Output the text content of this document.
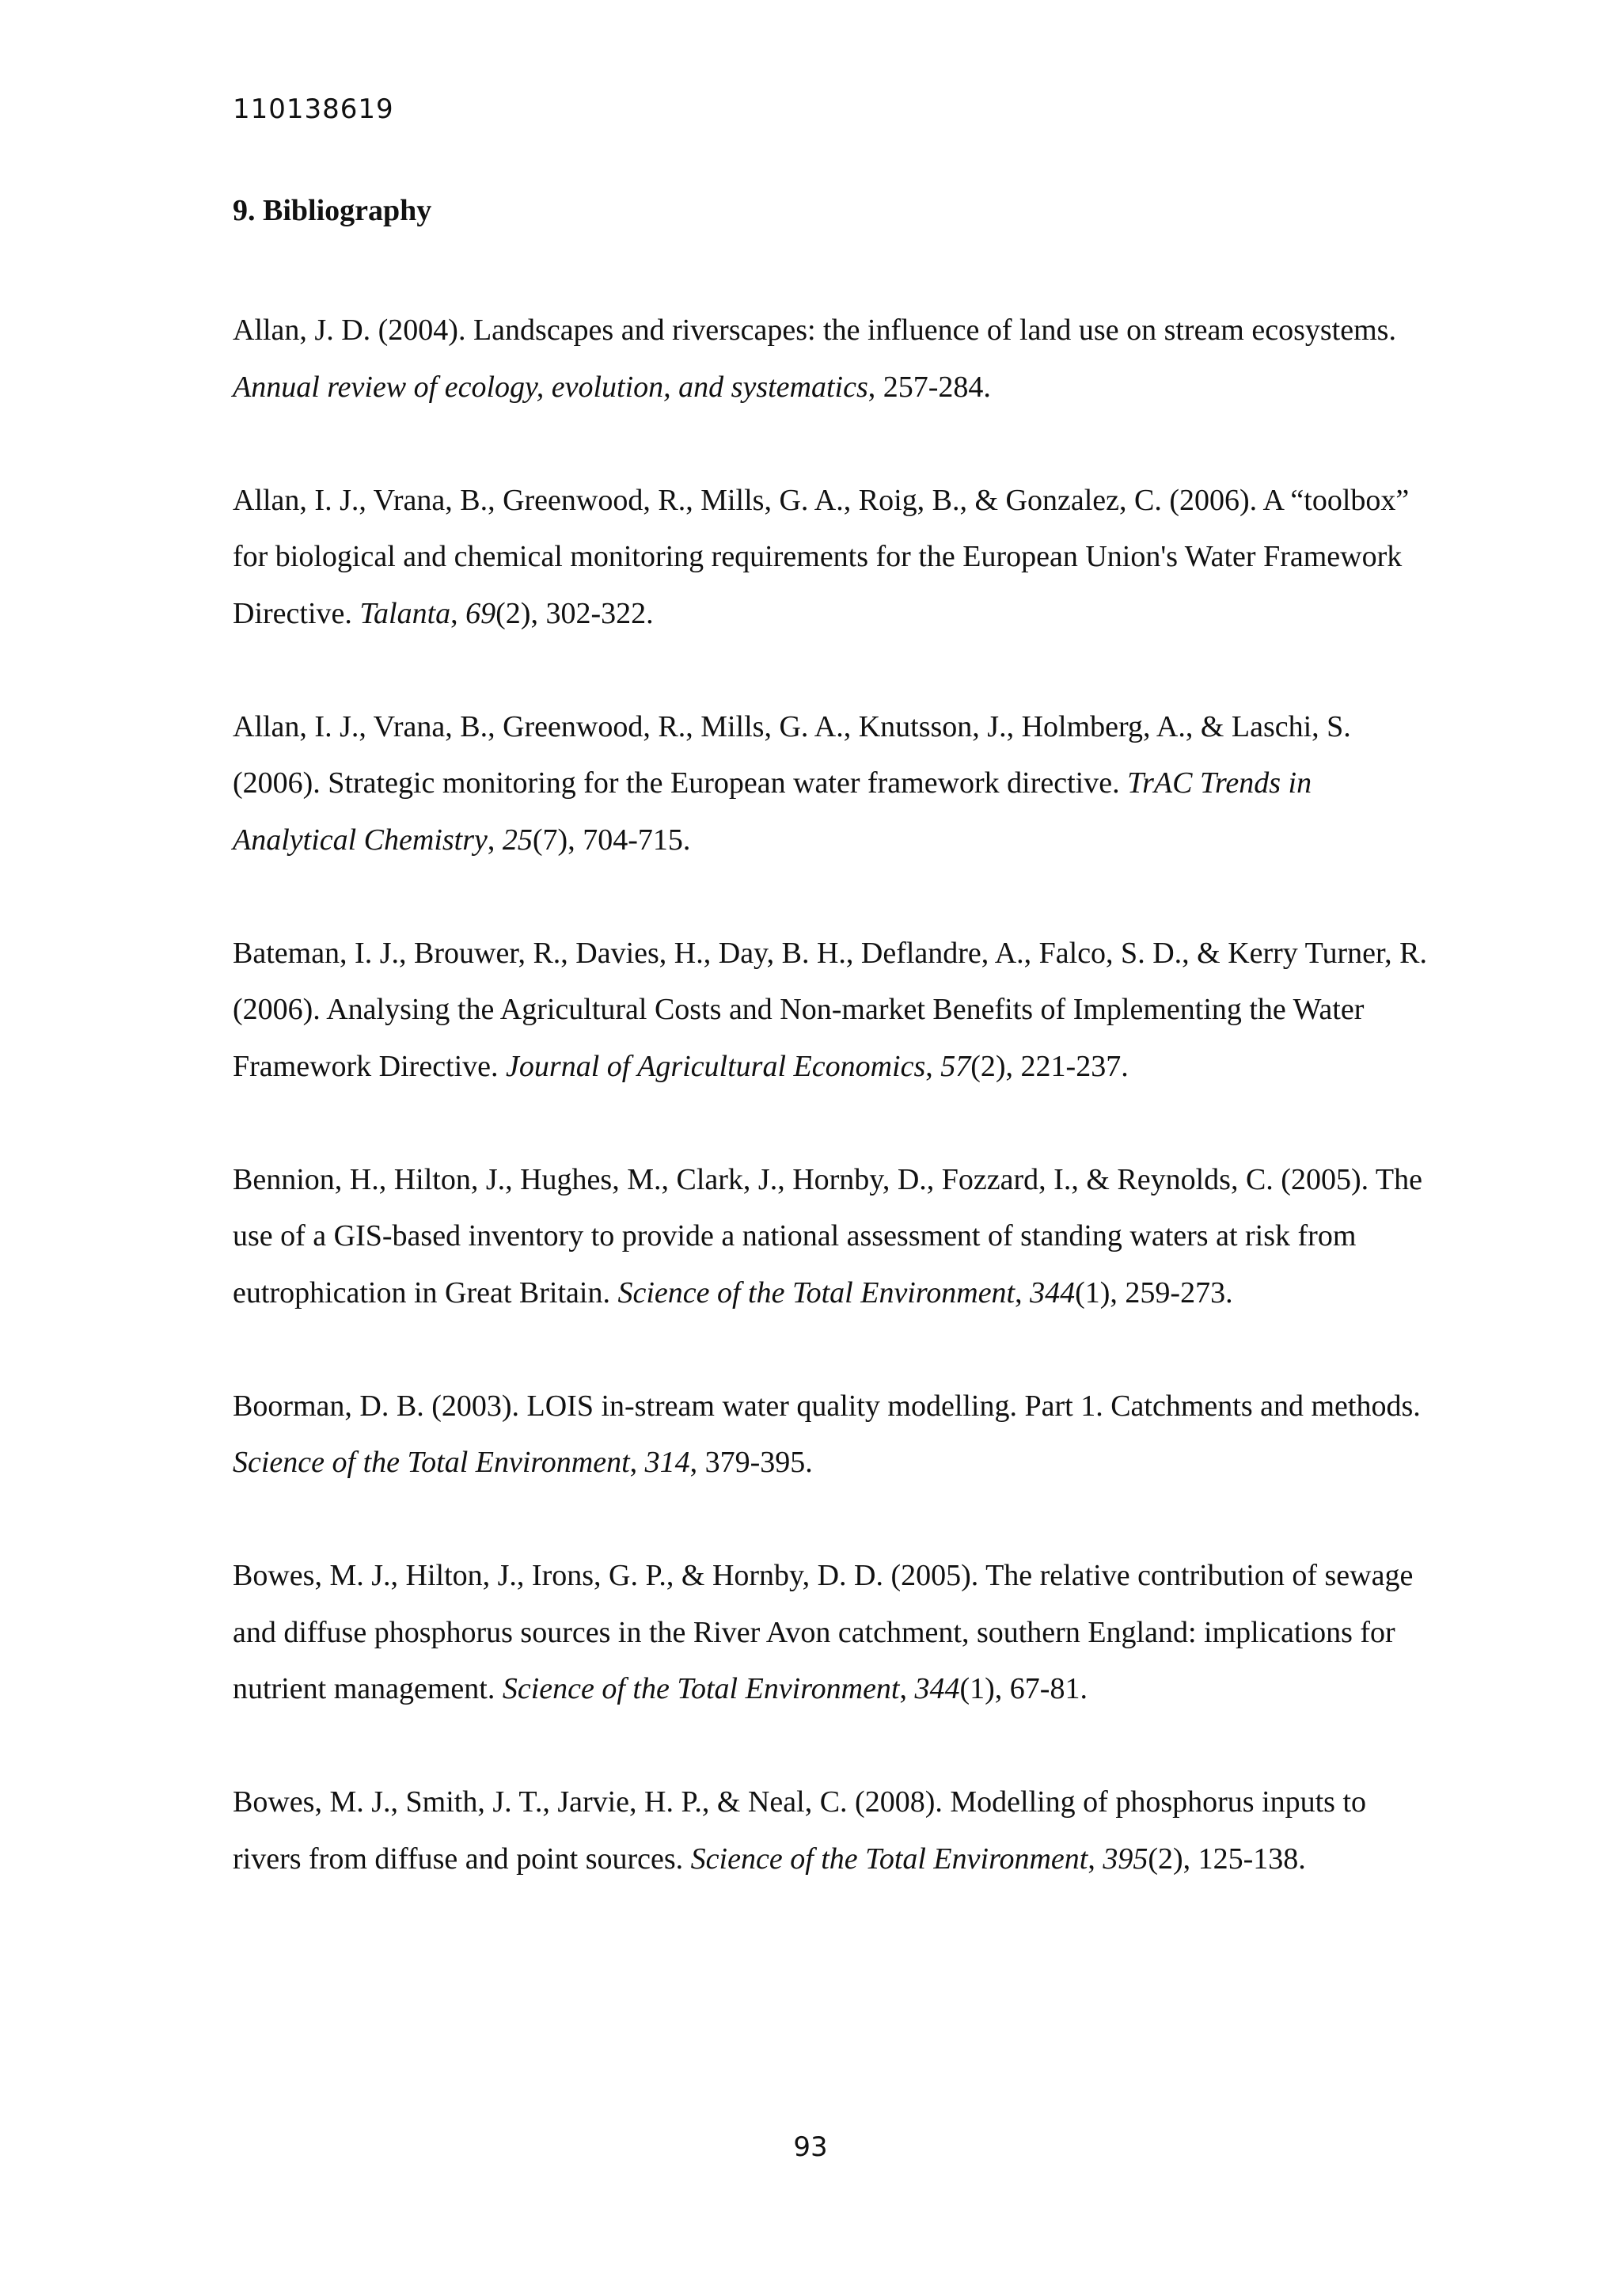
110138619
9. Bibliography

Allan, J. D. (2004). Landscapes and riverscapes: the influence of land use on stream ecosystems. Annual review of ecology, evolution, and systematics, 257-284.

Allan, I. J., Vrana, B., Greenwood, R., Mills, G. A., Roig, B., & Gonzalez, C. (2006). A “toolbox” for biological and chemical monitoring requirements for the European Union's Water Framework Directive. Talanta, 69(2), 302-322.

Allan, I. J., Vrana, B., Greenwood, R., Mills, G. A., Knutsson, J., Holmberg, A., & Laschi, S. (2006). Strategic monitoring for the European water framework directive. TrAC Trends in Analytical Chemistry, 25(7), 704-715.

Bateman, I. J., Brouwer, R., Davies, H., Day, B. H., Deflandre, A., Falco, S. D., & Kerry Turner, R. (2006). Analysing the Agricultural Costs and Non-market Benefits of Implementing the Water Framework Directive. Journal of Agricultural Economics, 57(2), 221-237.

Bennion, H., Hilton, J., Hughes, M., Clark, J., Hornby, D., Fozzard, I., & Reynolds, C. (2005). The use of a GIS-based inventory to provide a national assessment of standing waters at risk from eutrophication in Great Britain. Science of the Total Environment, 344(1), 259-273.

Boorman, D. B. (2003). LOIS in-stream water quality modelling. Part 1. Catchments and methods. Science of the Total Environment, 314, 379-395.

Bowes, M. J., Hilton, J., Irons, G. P., & Hornby, D. D. (2005). The relative contribution of sewage and diffuse phosphorus sources in the River Avon catchment, southern England: implications for nutrient management. Science of the Total Environment, 344(1), 67-81.

Bowes, M. J., Smith, J. T., Jarvie, H. P., & Neal, C. (2008). Modelling of phosphorus inputs to rivers from diffuse and point sources. Science of the Total Environment, 395(2), 125-138.

93
